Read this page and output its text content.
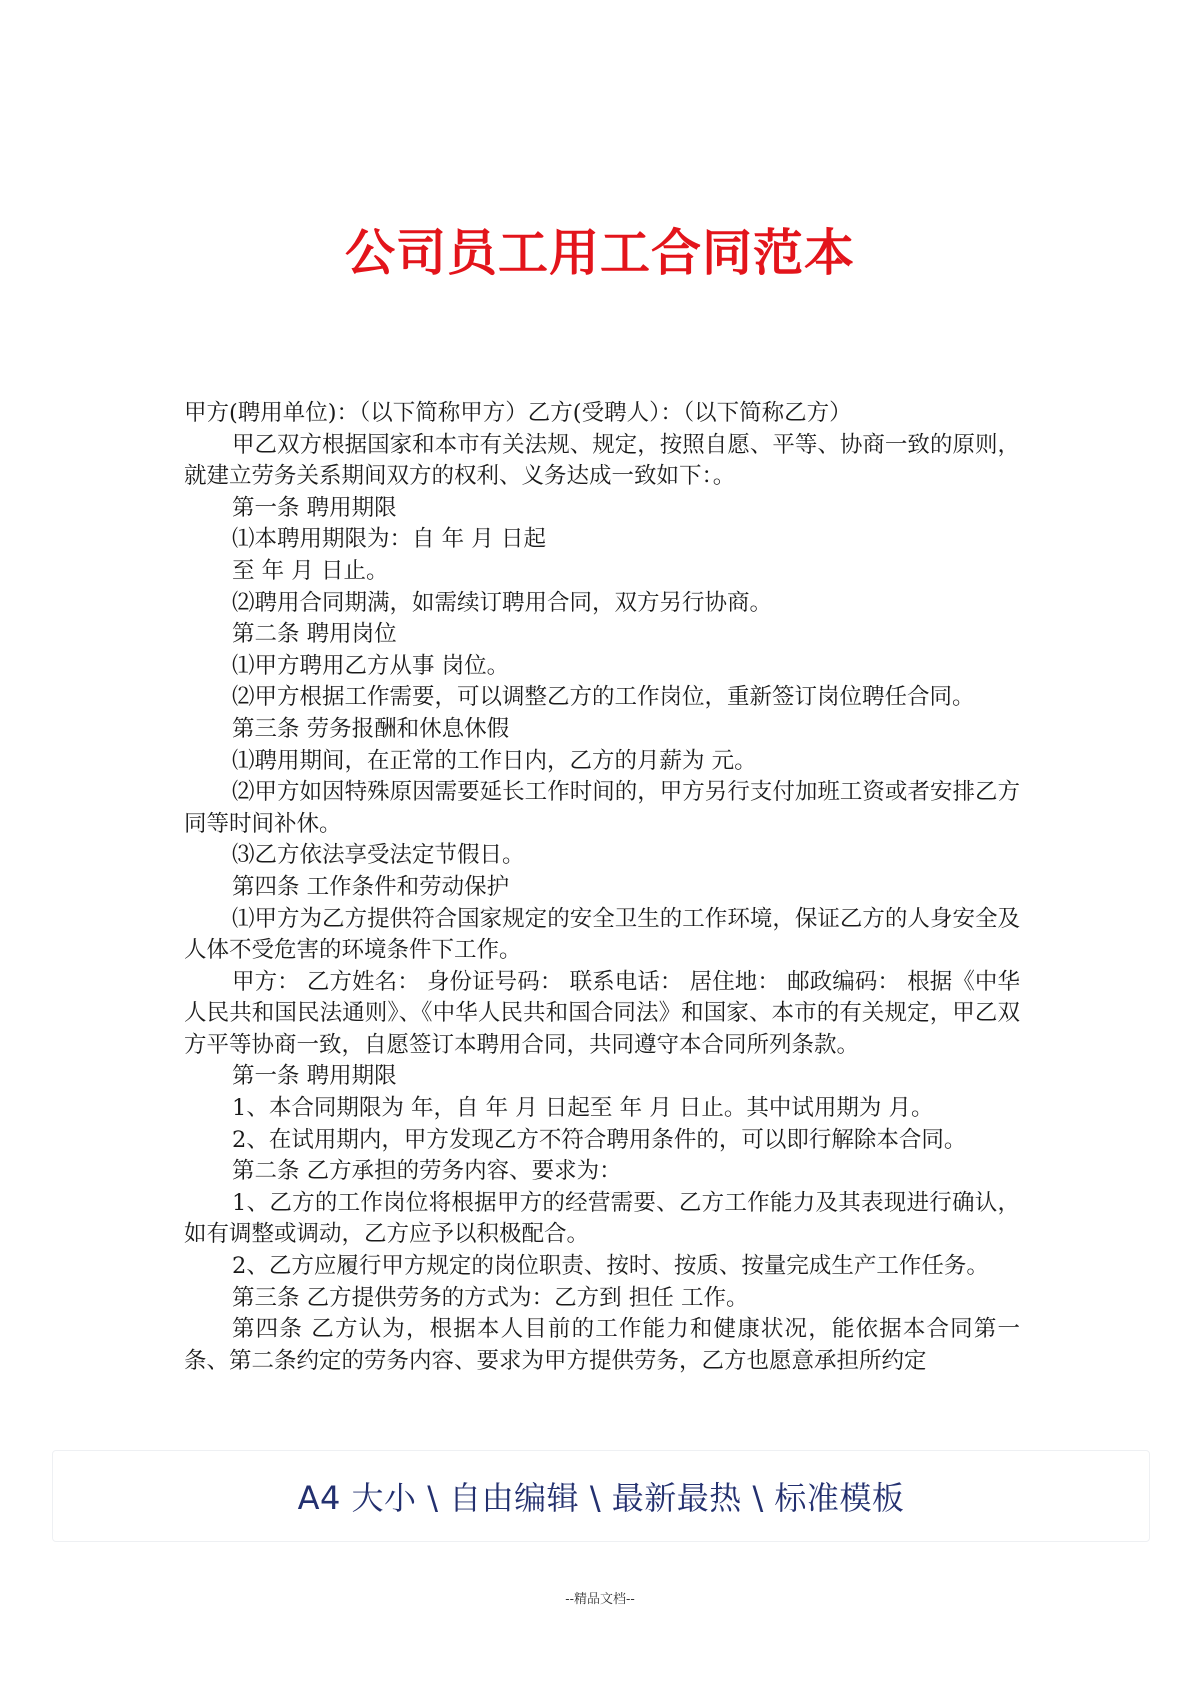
公司员工用工合同范本

甲方(聘用单位)：（以下简称甲方）乙方(受聘人）：（以下简称乙方）

甲乙双方根据国家和本市有关法规、规定，按照自愿、平等、协商一致的原则，就建立劳务关系期间双方的权利、义务达成一致如下：。

第一条 聘用期限

⑴本聘用期限为：自 年 月 日起

至 年 月 日止。

⑵聘用合同期满，如需续订聘用合同，双方另行协商。

第二条 聘用岗位

⑴甲方聘用乙方从事 岗位。

⑵甲方根据工作需要，可以调整乙方的工作岗位，重新签订岗位聘任合同。

第三条 劳务报酬和休息休假

⑴聘用期间，在正常的工作日内，乙方的月薪为 元。

⑵甲方如因特殊原因需要延长工作时间的，甲方另行支付加班工资或者安排乙方同等时间补休。

⑶乙方依法享受法定节假日。

第四条 工作条件和劳动保护

⑴甲方为乙方提供符合国家规定的安全卫生的工作环境，保证乙方的人身安全及人体不受危害的环境条件下工作。

甲方： 乙方姓名： 身份证号码： 联系电话： 居住地： 邮政编码： 根据《中华人民共和国民法通则》、《中华人民共和国合同法》和国家、本市的有关规定，甲乙双方平等协商一致，自愿签订本聘用合同，共同遵守本合同所列条款。

第一条 聘用期限

1、本合同期限为 年，自 年 月 日起至 年 月 日止。其中试用期为 月。

2、在试用期内，甲方发现乙方不符合聘用条件的，可以即行解除本合同。

第二条 乙方承担的劳务内容、要求为：

1、乙方的工作岗位将根据甲方的经营需要、乙方工作能力及其表现进行确认，如有调整或调动，乙方应予以积极配合。

2、乙方应履行甲方规定的岗位职责、按时、按质、按量完成生产工作任务。

第三条 乙方提供劳务的方式为：乙方到 担任 工作。

第四条 乙方认为，根据本人目前的工作能力和健康状况，能依据本合同第一条、第二条约定的劳务内容、要求为甲方提供劳务，乙方也愿意承担所约定

A4 大小 \ 自由编辑 \ 最新最热 \ 标准模板
--精品文档--
